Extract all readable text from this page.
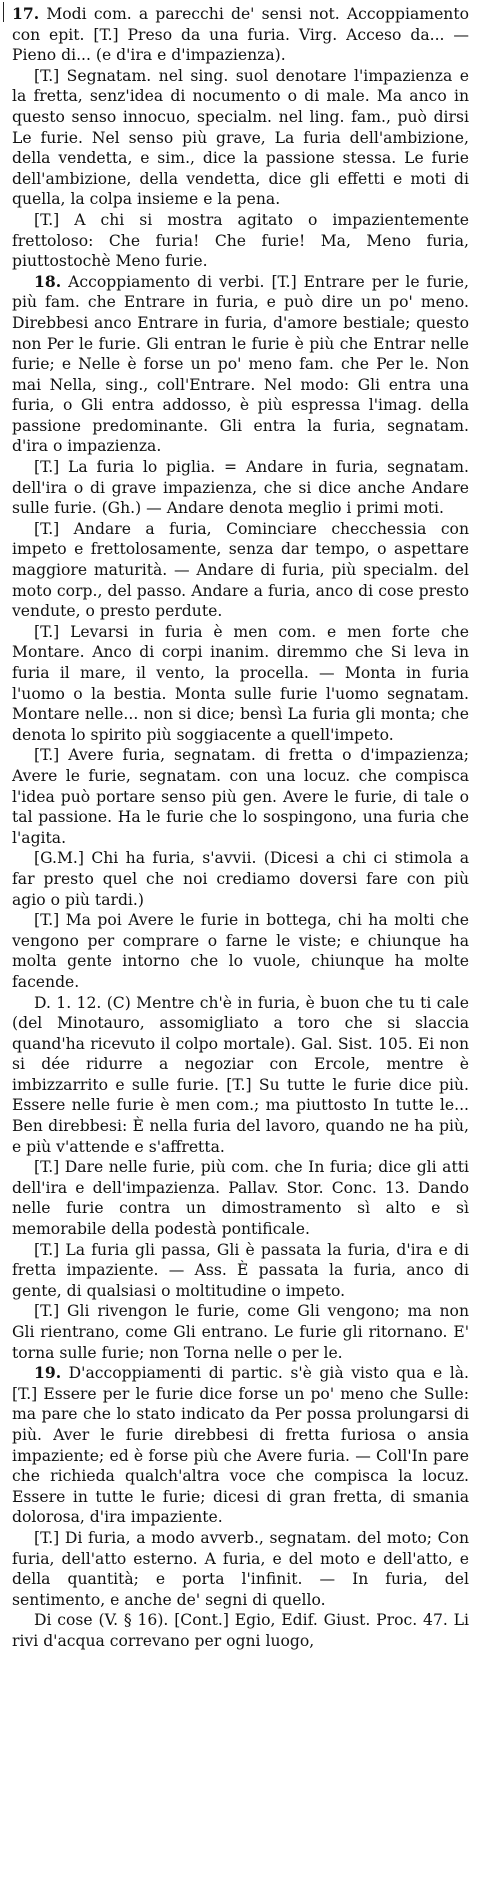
17. Modi com. a parecchi de' sensi not. Accoppiamento con epit. [T.] Preso da una furia. Virg. Acceso da... — Pieno di... (e d'ira e d'impazienza).

[T.] Segnatam. nel sing. suol denotare l'impazienza e la fretta, senz'idea di nocumento o di male. Ma anco in questo senso innocuo, specialm. nel ling. fam., può dirsi Le furie. Nel senso più grave, La furia dell'ambizione, della vendetta, e sim., dice la passione stessa. Le furie dell'ambizione, della vendetta, dice gli effetti e moti di quella, la colpa insieme e la pena.

[T.] A chi si mostra agitato o impazientemente frettoloso: Che furia! Che furie! Ma, Meno furia, piuttostochè Meno furie.

18. Accoppiamento di verbi. [T.] Entrare per le furie, più fam. che Entrare in furia, e può dire un po' meno. Direbbesi anco Entrare in furia, d'amore bestiale; questo non Per le furie. Gli entran le furie è più che Entrar nelle furie; e Nelle è forse un po' meno fam. che Per le. Non mai Nella, sing., coll'Entrare. Nel modo: Gli entra una furia, o Gli entra addosso, è più espressa l'imag. della passione predominante. Gli entra la furia, segnatam. d'ira o impazienza.

[T.] La furia lo piglia. = Andare in furia, segnatam. dell'ira o di grave impazienza, che si dice anche Andare sulle furie. (Gh.) — Andare denota meglio i primi moti.

[T.] Andare a furia, Cominciare checchessia con impeto e frettolosamente, senza dar tempo, o aspettare maggiore maturità. — Andare di furia, più specialm. del moto corp., del passo. Andare a furia, anco di cose presto vendute, o presto perdute.

[T.] Levarsi in furia è men com. e men forte che Montare. Anco di corpi inanim. diremmo che Si leva in furia il mare, il vento, la procella. — Monta in furia l'uomo o la bestia. Monta sulle furie l'uomo segnatam. Montare nelle... non si dice; bensì La furia gli monta; che denota lo spirito più soggiacente a quell'impeto.

[T.] Avere furia, segnatam. di fretta o d'impazienza; Avere le furie, segnatam. con una locuz. che compisca l'idea può portare senso più gen. Avere le furie, di tale o tal passione. Ha le furie che lo sospingono, una furia che l'agita.

[G.M.] Chi ha furia, s'avvii. (Dicesi a chi ci stimola a far presto quel che noi crediamo doversi fare con più agio o più tardi.)

[T.] Ma poi Avere le furie in bottega, chi ha molti che vengono per comprare o farne le viste; e chiunque ha molta gente intorno che lo vuole, chiunque ha molte facende.

D. 1. 12. (C) Mentre ch'è in furia, è buon che tu ti cale (del Minotauro, assomigliato a toro che si slaccia quand'ha ricevuto il colpo mortale). Gal. Sist. 105. Ei non si dée ridurre a negoziar con Ercole, mentre è imbizzarrito e sulle furie. [T.] Su tutte le furie dice più. Essere nelle furie è men com.; ma piuttosto In tutte le... Ben direbbesi: È nella furia del lavoro, quando ne ha più, e più v'attende e s'affretta.

[T.] Dare nelle furie, più com. che In furia; dice gli atti dell'ira e dell'impazienza. Pallav. Stor. Conc. 13. Dando nelle furie contra un dimostramento sì alto e sì memorabile della podestà pontificale.

[T.] La furia gli passa, Gli è passata la furia, d'ira e di fretta impaziente. — Ass. È passata la furia, anco di gente, di qualsiasi o moltitudine o impeto.

[T.] Gli rivengon le furie, come Gli vengono; ma non Gli rientrano, come Gli entrano. Le furie gli ritornano. E' torna sulle furie; non Torna nelle o per le.

19. D'accoppiamenti di partic. s'è già visto qua e là. [T.] Essere per le furie dice forse un po' meno che Sulle: ma pare che lo stato indicato da Per possa prolungarsi di più. Aver le furie direbbesi di fretta furiosa o ansia impaziente; ed è forse più che Avere furia. — Coll'In pare che richieda qualch'altra voce che compisca la locuz. Essere in tutte le furie; dicesi di gran fretta, di smania dolorosa, d'ira impaziente.

[T.] Di furia, a modo avverb., segnatam. del moto; Con furia, dell'atto esterno. A furia, e del moto e dell'atto, e della quantità; e porta l'infinit. — In furia, del sentimento, e anche de' segni di quello.

Di cose (V. § 16). [Cont.] Egio, Edif. Giust. Proc. 47. Li rivi d'acqua correvano per ogni luogo,
